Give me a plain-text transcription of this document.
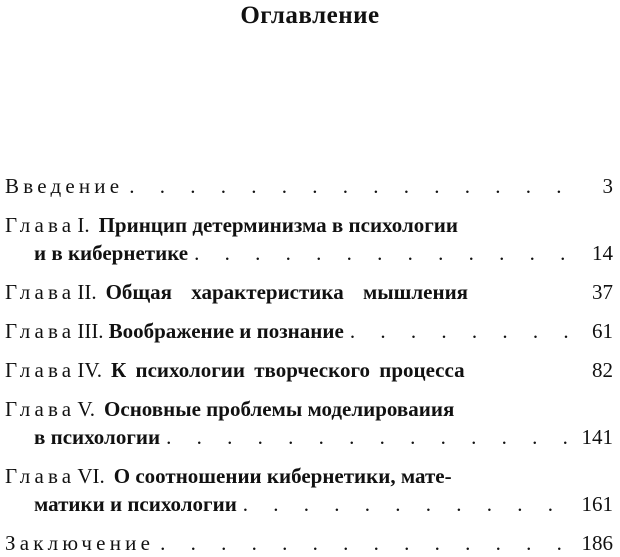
Оглавление
Введение . . .	3
Глава I. Принцип детерминизма в психологии
и в кибернетике . . .	14
Глава II. Общая характеристика мышления	37
Глава III. Воображение и познание . . .	61
Глава IV. К психологии творческого процесса	82
Глава V. Основные проблемы моделироваиия
в психологии . . .	141
Глава VI. О соотношении кибернетики, мате-
матики и психологии . . .	161
Заключение . . .	186
